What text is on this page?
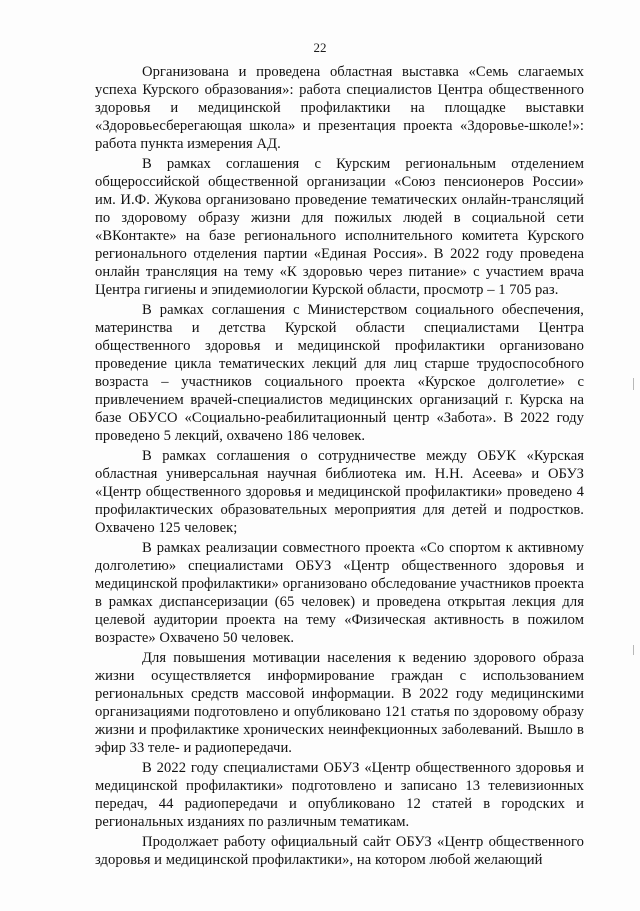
22

Организована и проведена областная выставка «Семь слагаемых успеха Курского образования»: работа специалистов Центра общественного здоровья и медицинской профилактики на площадке выставки «Здоровьесберегающая школа» и презентация проекта «Здоровье-школе!»: работа пункта измерения АД.

В рамках соглашения с Курским региональным отделением общероссийской общественной организации «Союз пенсионеров России» им. И.Ф. Жукова организовано проведение тематических онлайн-трансляций по здоровому образу жизни для пожилых людей в социальной сети «ВКонтакте» на базе регионального исполнительного комитета Курского регионального отделения партии «Единая Россия». В 2022 году проведена онлайн трансляция на тему «К здоровью через питание» с участием врача Центра гигиены и эпидемиологии Курской области, просмотр – 1 705 раз.

В рамках соглашения с Министерством социального обеспечения, материнства и детства Курской области специалистами Центра общественного здоровья и медицинской профилактики организовано проведение цикла тематических лекций для лиц старше трудоспособного возраста – участников социального проекта «Курское долголетие» с привлечением врачей-специалистов медицинских организаций г. Курска на базе ОБУСО «Социально-реабилитационный центр «Забота». В 2022 году проведено 5 лекций, охвачено 186 человек.

В рамках соглашения о сотрудничестве между ОБУК «Курская областная универсальная научная библиотека им. Н.Н. Асеева» и ОБУЗ «Центр общественного здоровья и медицинской профилактики» проведено 4 профилактических образовательных мероприятия для детей и подростков. Охвачено 125 человек;

В рамках реализации совместного проекта «Со спортом к активному долголетию» специалистами ОБУЗ «Центр общественного здоровья и медицинской профилактики» организовано обследование участников проекта в рамках диспансеризации (65 человек) и проведена открытая лекция для целевой аудитории проекта на тему «Физическая активность в пожилом возрасте» Охвачено 50 человек.

Для повышения мотивации населения к ведению здорового образа жизни осуществляется информирование граждан с использованием региональных средств массовой информации. В 2022 году медицинскими организациями подготовлено и опубликовано 121 статья по здоровому образу жизни и профилактике хронических неинфекционных заболеваний. Вышло в эфир 33 теле- и радиопередачи.

В 2022 году специалистами ОБУЗ «Центр общественного здоровья и медицинской профилактики» подготовлено и записано 13 телевизионных передач, 44 радиопередачи и опубликовано 12 статей в городских и региональных изданиях по различным тематикам.

Продолжает работу официальный сайт ОБУЗ «Центр общественного здоровья и медицинской профилактики», на котором любой желающий
